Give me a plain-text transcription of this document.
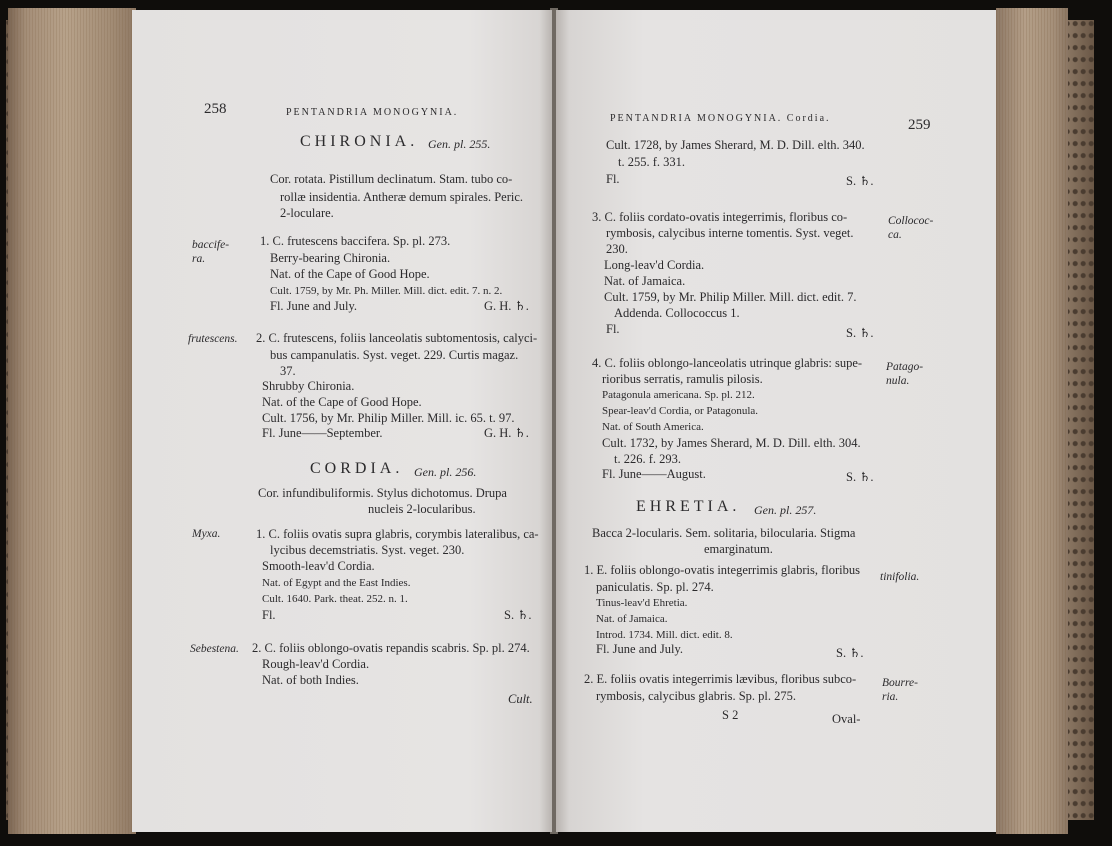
258	PENTANDRIA MONOGYNIA.
CHIRONIA. Gen. pl. 255.
Cor. rotata. Pistillum declinatum. Stam. tubo co-
rollæ insidentia. Antheræ demum spirales. Peric.
2-loculare.
baccife-
ra.
1. C. frutescens baccifera. Sp. pl. 273.
Berry-bearing Chironia.
Nat. of the Cape of Good Hope.
Cult. 1759, by Mr. Ph. Miller. Mill. dict. edit. 7. n. 2.
Fl. June and July.	G. H. ♄.
frutescens. 2. C. frutescens, foliis lanceolatis subtomentosis, calyci-
bus campanulatis. Syst. veget. 229. Curtis magaz.
37.
Shrubby Chironia.
Nat. of the Cape of Good Hope.
Cult. 1756, by Mr. Philip Miller. Mill. ic. 65. t. 97.
Fl. June——September.	G. H. ♄.
CORDIA. Gen. pl. 256.
Cor. infundibuliformis. Stylus dichotomus. Drupa
nucleis 2-locularibus.
Myxa.	1. C. foliis ovatis supra glabris, corymbis lateralibus, ca-
lycibus decemstriatis. Syst. veget. 230.
Smooth-leav'd Cordia.
Nat. of Egypt and the East Indies.
Cult. 1640. Park. theat. 252. n. 1.
Fl.	S. ♄.
Sebestena. 2. C. foliis oblongo-ovatis repandis scabris. Sp. pl. 274.
Rough-leav'd Cordia.
Nat. of both Indies.
Cult.
PENTANDRIA MONOGYNIA. Cordia.	259
Cult. 1728, by James Sherard, M. D. Dill. elth. 340.
t. 255. f. 331.
Fl.	S. ♄.
3. C. foliis cordato-ovatis integerrimis, floribus co-
rymbosis, calycibus interne tomentis. Syst. veget.
230.
Long-leav'd Cordia.
Nat. of Jamaica.
Cult. 1759, by Mr. Philip Miller. Mill. dict. edit. 7.
Addenda. Collococcus 1.
Fl.	S. ♄.
Collococ-
ca.
4. C. foliis oblongo-lanceolatis utrinque glabris: supe-
rioribus serratis, ramulis pilosis.
Patagonula americana. Sp. pl. 212.
Spear-leav'd Cordia, or Patagonula.
Nat. of South America.
Cult. 1732, by James Sherard, M. D. Dill. elth. 304.
t. 226. f. 293.
Fl. June——August.	S. ♄.
Patago-
nula.
EHRETIA. Gen. pl. 257.
Bacca 2-locularis. Sem. solitaria, bilocularia. Stigma
emarginatum.
1. E. foliis oblongo-ovatis integerrimis glabris, floribus
paniculatis. Sp. pl. 274.
Tinus-leav'd Ehretia.
Nat. of Jamaica.
Introd. 1734. Mill. dict. edit. 8.
Fl. June and July.	S. ♄.
tinifolia.
2. E. foliis ovatis integerrimis lævibus, floribus subco-
rymbosis, calycibus glabris. Sp. pl. 275.
Bourre-
ria.
S 2	Oval-
